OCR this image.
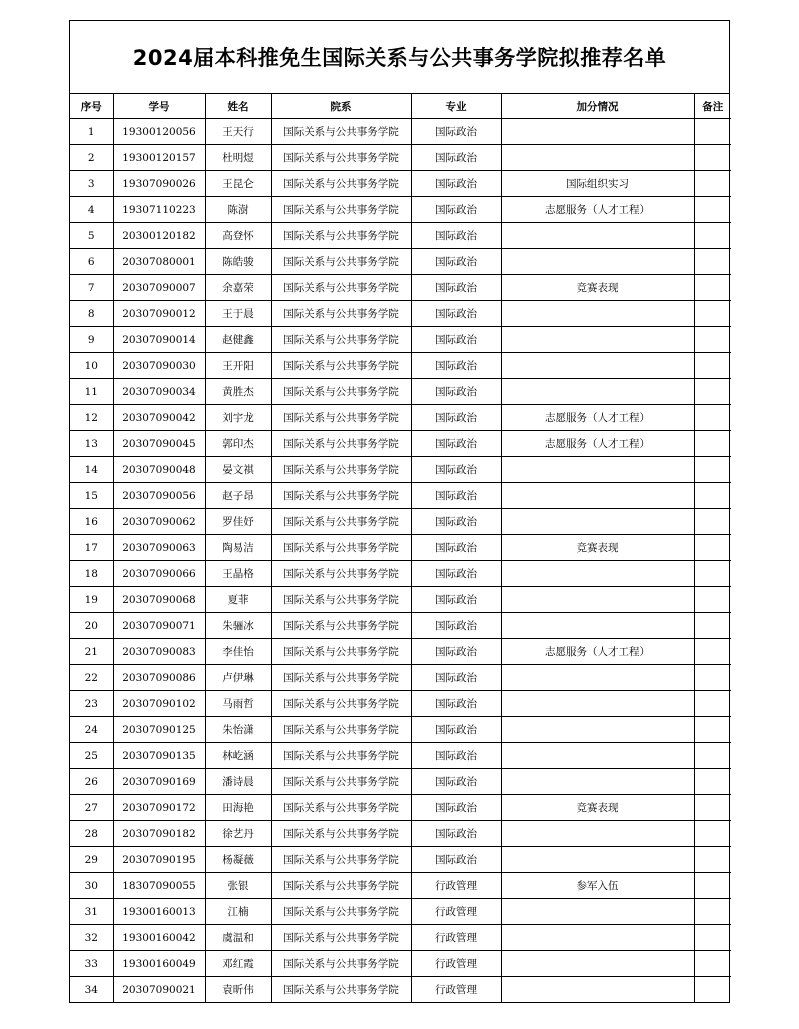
2024届本科推免生国际关系与公共事务学院拟推荐名单
序号	学号	姓名	院系	专业	加分情况	备注
1	19300120056	王天行	国际关系与公共事务学院	国际政治		
2	19300120157	杜明煜	国际关系与公共事务学院	国际政治		
3	19307090026	王昆仑	国际关系与公共事务学院	国际政治	国际组织实习	
4	19307110223	陈澍	国际关系与公共事务学院	国际政治	志愿服务（人才工程）	
5	20300120182	高登怀	国际关系与公共事务学院	国际政治		
6	20307080001	陈皓骏	国际关系与公共事务学院	国际政治		
7	20307090007	余嘉荣	国际关系与公共事务学院	国际政治	竞赛表现	
8	20307090012	王于晨	国际关系与公共事务学院	国际政治		
9	20307090014	赵健鑫	国际关系与公共事务学院	国际政治		
10	20307090030	王开阳	国际关系与公共事务学院	国际政治		
11	20307090034	黄胜杰	国际关系与公共事务学院	国际政治		
12	20307090042	刘宇龙	国际关系与公共事务学院	国际政治	志愿服务（人才工程）	
13	20307090045	郭印杰	国际关系与公共事务学院	国际政治	志愿服务（人才工程）	
14	20307090048	晏文祺	国际关系与公共事务学院	国际政治		
15	20307090056	赵子昂	国际关系与公共事务学院	国际政治		
16	20307090062	罗佳妤	国际关系与公共事务学院	国际政治		
17	20307090063	陶易洁	国际关系与公共事务学院	国际政治	竞赛表现	
18	20307090066	王晶格	国际关系与公共事务学院	国际政治		
19	20307090068	夏菲	国际关系与公共事务学院	国际政治		
20	20307090071	朱骊冰	国际关系与公共事务学院	国际政治		
21	20307090083	李佳怡	国际关系与公共事务学院	国际政治	志愿服务（人才工程）	
22	20307090086	卢伊琳	国际关系与公共事务学院	国际政治		
23	20307090102	马雨哲	国际关系与公共事务学院	国际政治		
24	20307090125	朱怡潇	国际关系与公共事务学院	国际政治		
25	20307090135	林屹涵	国际关系与公共事务学院	国际政治		
26	20307090169	潘诗晨	国际关系与公共事务学院	国际政治		
27	20307090172	田海艳	国际关系与公共事务学院	国际政治	竞赛表现	
28	20307090182	徐艺丹	国际关系与公共事务学院	国际政治		
29	20307090195	杨凝薇	国际关系与公共事务学院	国际政治		
30	18307090055	张银	国际关系与公共事务学院	行政管理	参军入伍	
31	19300160013	江楠	国际关系与公共事务学院	行政管理		
32	19300160042	虞温和	国际关系与公共事务学院	行政管理		
33	19300160049	邓红霞	国际关系与公共事务学院	行政管理		
34	20307090021	袁昕伟	国际关系与公共事务学院	行政管理		
